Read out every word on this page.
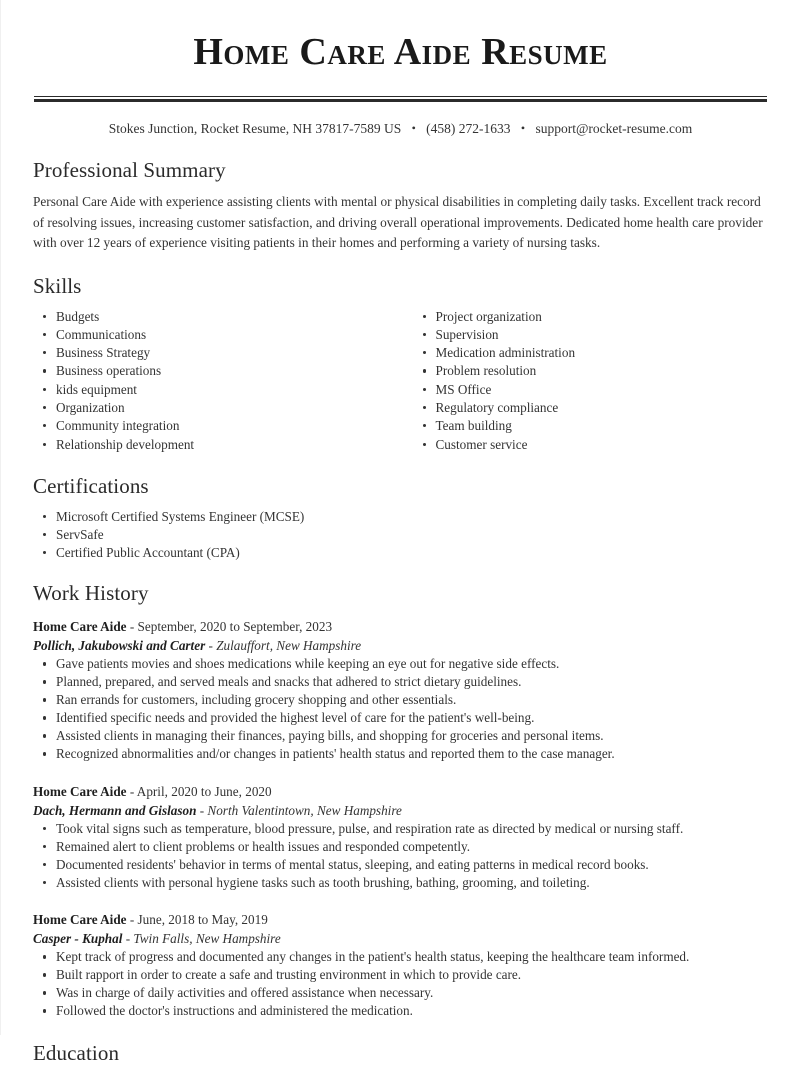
Home Care Aide Resume
Stokes Junction, Rocket Resume, NH 37817-7589 US • (458) 272-1633 • support@rocket-resume.com
Professional Summary

Personal Care Aide with experience assisting clients with mental or physical disabilities in completing daily tasks. Excellent track record of resolving issues, increasing customer satisfaction, and driving overall operational improvements. Dedicated home health care provider with over 12 years of experience visiting patients in their homes and performing a variety of nursing tasks.

Skills
Budgets
Communications
Business Strategy
Business operations
kids equipment
Organization
Community integration
Relationship development
Project organization
Supervision
Medication administration
Problem resolution
MS Office
Regulatory compliance
Team building
Customer service
Certifications
Microsoft Certified Systems Engineer (MCSE)
ServSafe
Certified Public Accountant (CPA)
Work History
Home Care Aide - September, 2020 to September, 2023
Pollich, Jakubowski and Carter - Zulauffort, New Hampshire
Gave patients movies and shoes medications while keeping an eye out for negative side effects.
Planned, prepared, and served meals and snacks that adhered to strict dietary guidelines.
Ran errands for customers, including grocery shopping and other essentials.
Identified specific needs and provided the highest level of care for the patient's well-being.
Assisted clients in managing their finances, paying bills, and shopping for groceries and personal items.
Recognized abnormalities and/or changes in patients' health status and reported them to the case manager.
Home Care Aide - April, 2020 to June, 2020
Dach, Hermann and Gislason - North Valentintown, New Hampshire
Took vital signs such as temperature, blood pressure, pulse, and respiration rate as directed by medical or nursing staff.
Remained alert to client problems or health issues and responded competently.
Documented residents' behavior in terms of mental status, sleeping, and eating patterns in medical record books.
Assisted clients with personal hygiene tasks such as tooth brushing, bathing, grooming, and toileting.
Home Care Aide - June, 2018 to May, 2019
Casper - Kuphal - Twin Falls, New Hampshire
Kept track of progress and documented any changes in the patient's health status, keeping the healthcare team informed.
Built rapport in order to create a safe and trusting environment in which to provide care.
Was in charge of daily activities and offered assistance when necessary.
Followed the doctor's instructions and administered the medication.
Education
